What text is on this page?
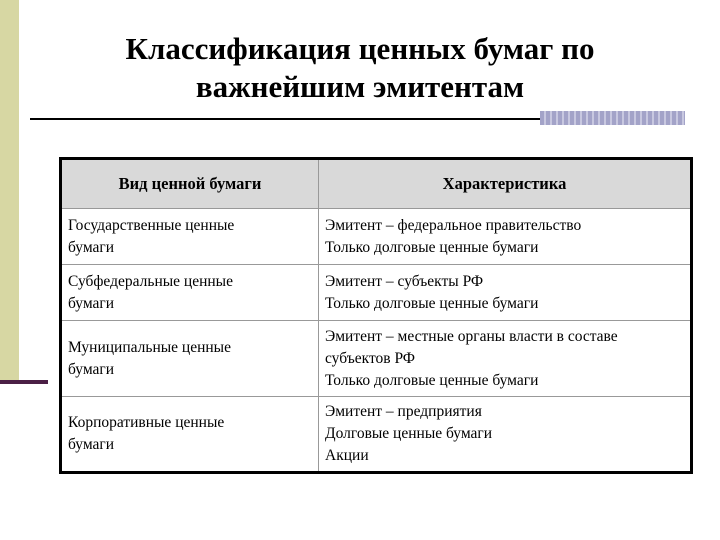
Классификация ценных бумаг по
важнейшим эмитентам
Вид ценной бумаги	Характеристика

Государственные ценные
бумаги	Эмитент – федеральное правительство
Только долговые ценные бумаги

Субфедеральные ценные
бумаги	Эмитент – субъекты РФ
Только долговые ценные бумаги

Муниципальные ценные
бумаги	Эмитент – местные органы власти в составе
субъектов РФ
Только долговые ценные бумаги

Корпоративные ценные
бумаги	Эмитент – предприятия
Долговые ценные бумаги
Акции
